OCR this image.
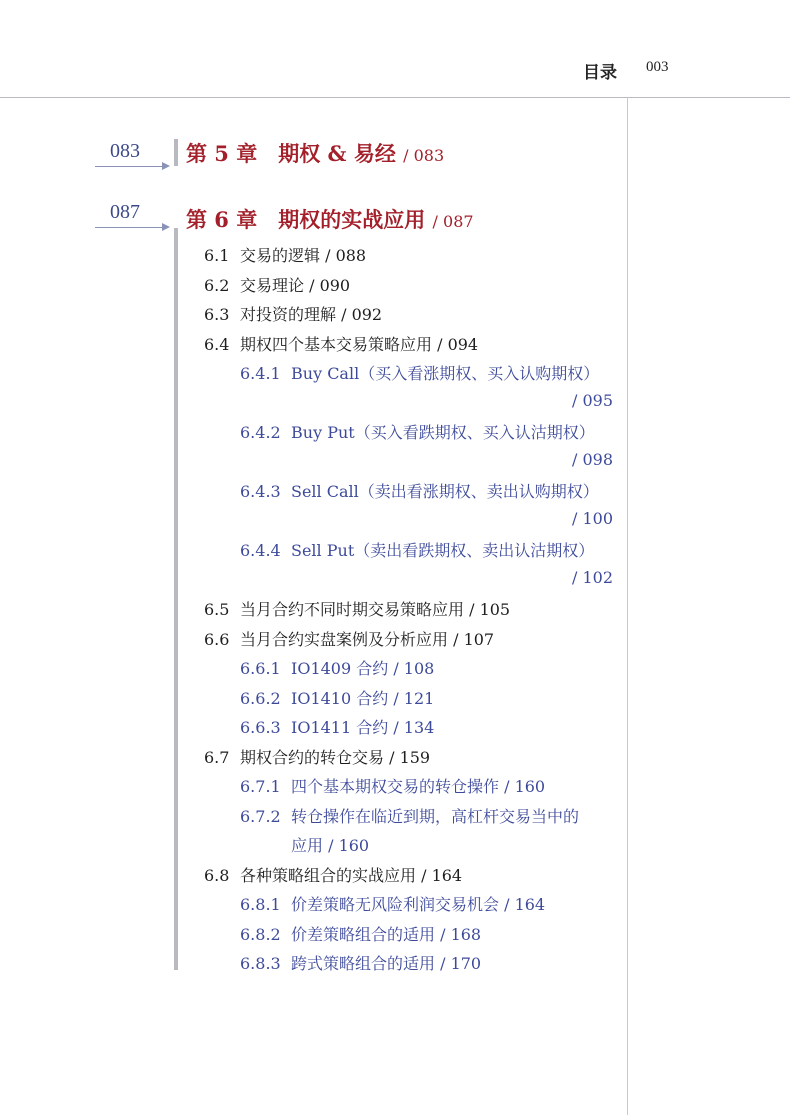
目录 003
083 第 5 章　期权 & 易经 / 083
087 第 6 章　期权的实战应用 / 087
6.1 交易的逻辑 / 088
6.2 交易理论 / 090
6.3 对投资的理解 / 092
6.4 期权四个基本交易策略应用 / 094
6.4.1 Buy Call（买入看涨期权、买入认购期权）
/ 095
6.4.2 Buy Put（买入看跌期权、买入认沽期权）
/ 098
6.4.3 Sell Call（卖出看涨期权、卖出认购期权）
/ 100
6.4.4 Sell Put（卖出看跌期权、卖出认沽期权）
/ 102
6.5 当月合约不同时期交易策略应用 / 105
6.6 当月合约实盘案例及分析应用 / 107
6.6.1 IO1409 合约 / 108
6.6.2 IO1410 合约 / 121
6.6.3 IO1411 合约 / 134
6.7 期权合约的转仓交易 / 159
6.7.1 四个基本期权交易的转仓操作 / 160
6.7.2 转仓操作在临近到期，高杠杆交易当中的
应用 / 160
6.8 各种策略组合的实战应用 / 164
6.8.1 价差策略无风险利润交易机会 / 164
6.8.2 价差策略组合的适用 / 168
6.8.3 跨式策略组合的适用 / 170
